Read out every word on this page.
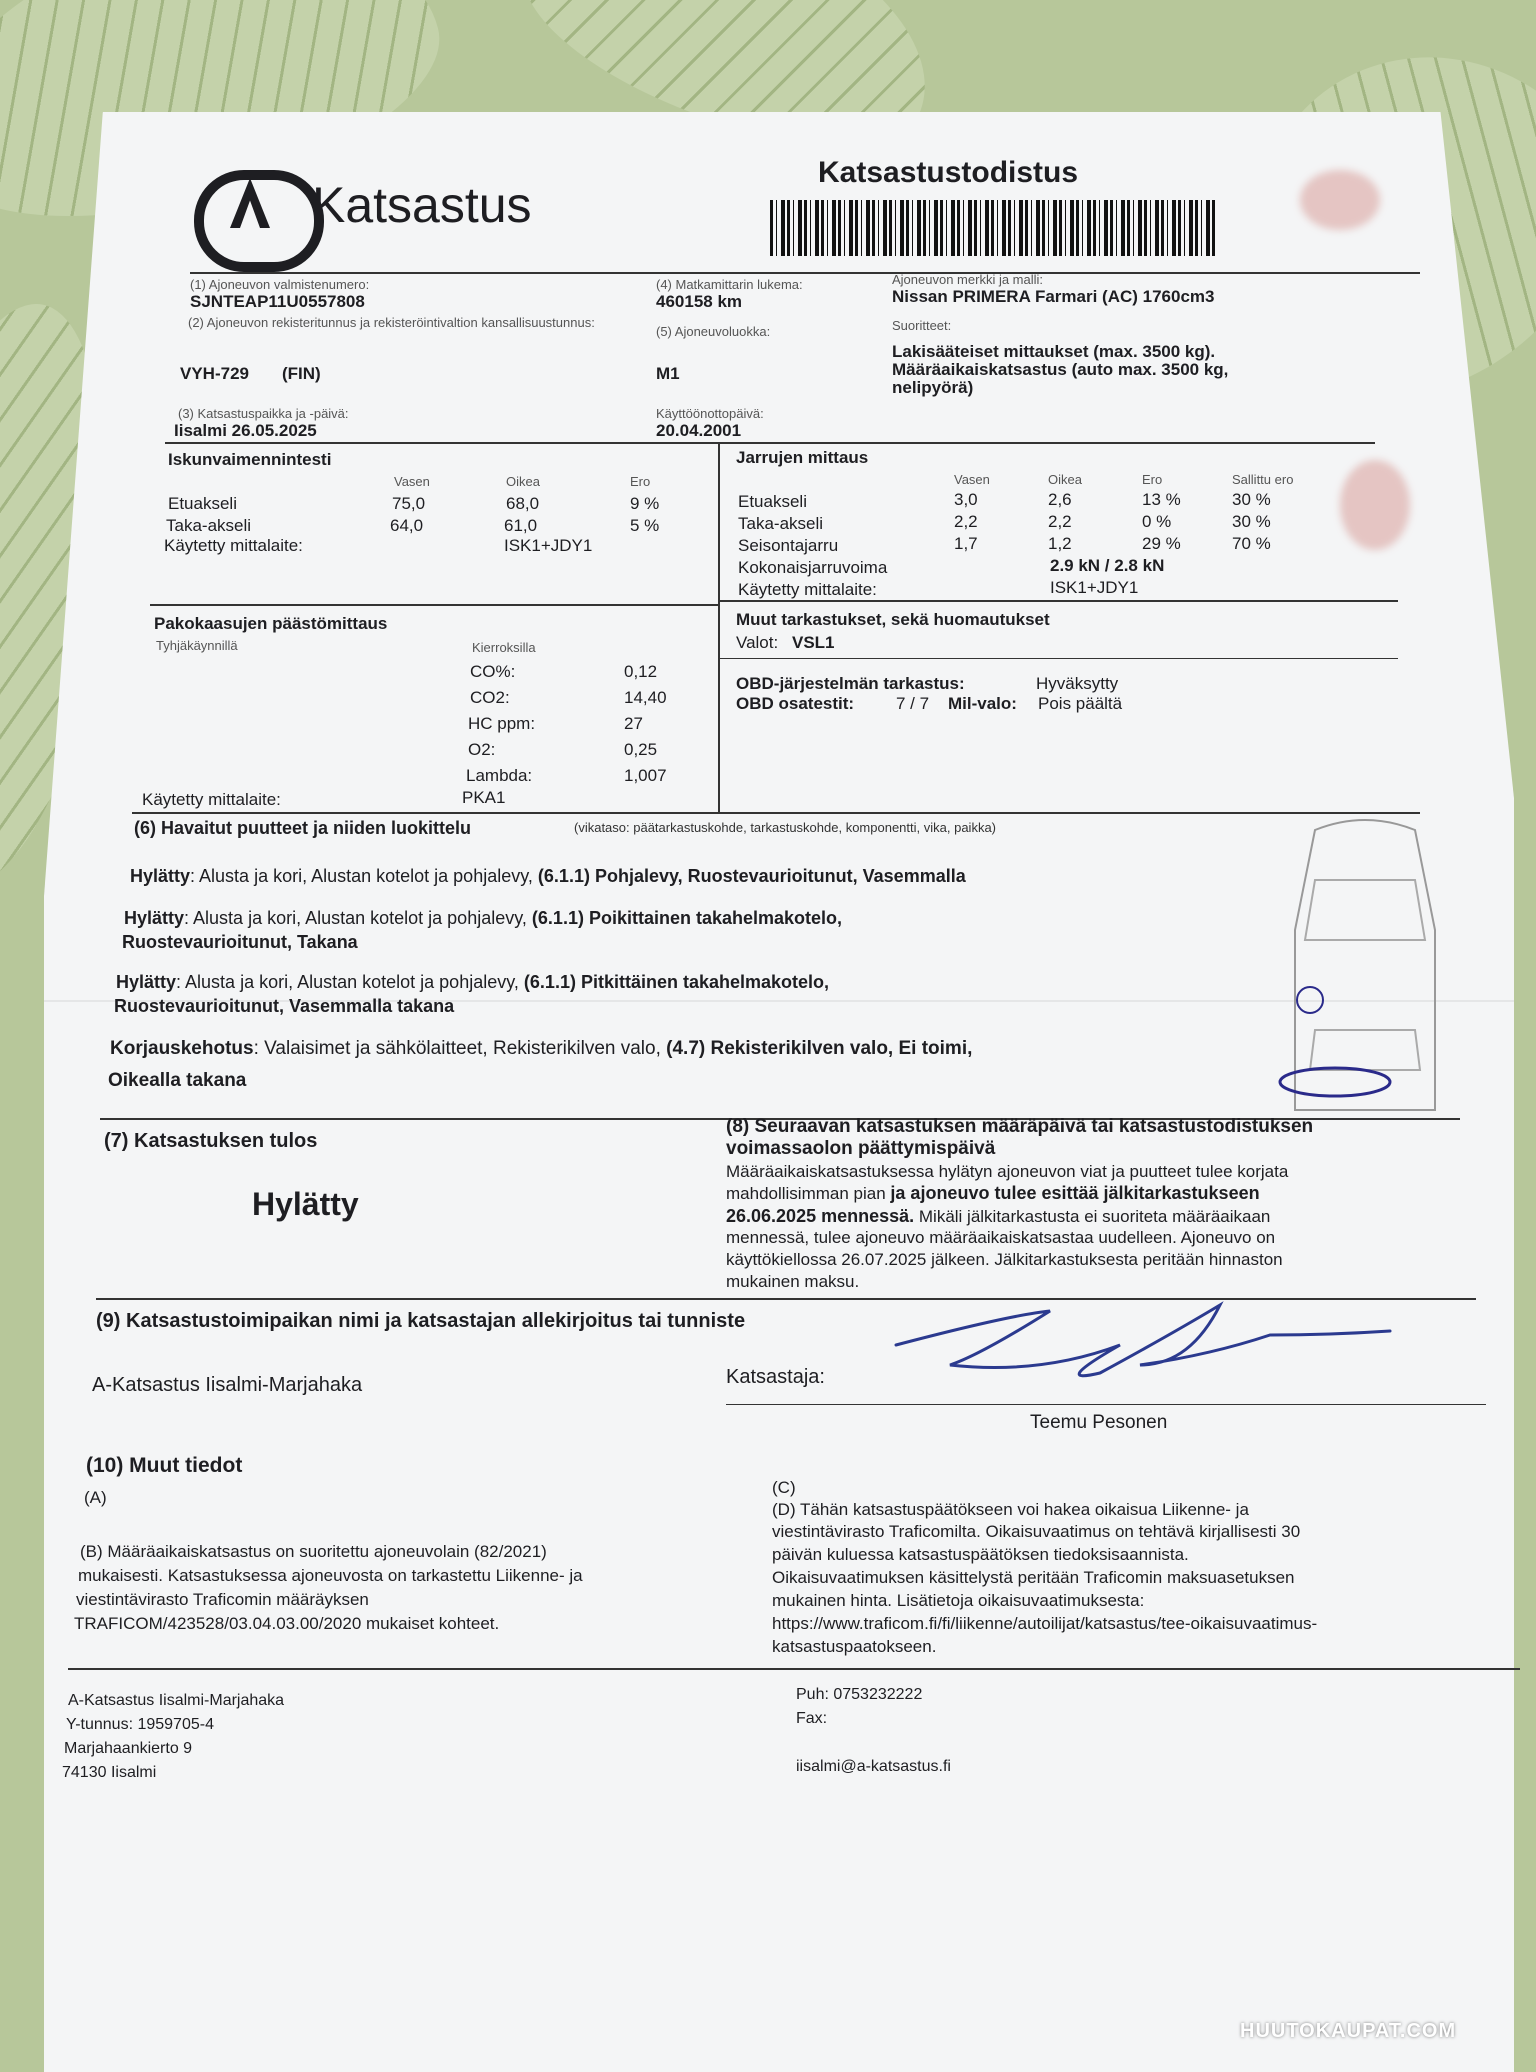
Katsastus
Katsastustodistus
(1) Ajoneuvon valmistenumero:
SJNTEAP11U0557808
(2) Ajoneuvon rekisteritunnus ja rekisteröintivaltion kansallisuustunnus:
VYH-729 (FIN)
(3) Katsastuspaikka ja -päivä:
Iisalmi 26.05.2025
(4) Matkamittarin lukema:
460158 km
(5) Ajoneuvoluokka:
M1
Käyttöönottopäivä:
20.04.2001
Ajoneuvon merkki ja malli:
Nissan PRIMERA Farmari (AC) 1760cm3
Suoritteet:
Lakisääteiset mittaukset (max. 3500 kg).
Määräaikaiskatsastus (auto max. 3500 kg,
nelipyörä)
Iskunvaimennintesti
Vasen	Oikea	Ero
Etuakseli	75,0	68,0	9 %
Taka-akseli	64,0	61,0	5 %
Käytetty mittalaite:	ISK1+JDY1
Jarrujen mittaus
Vasen	Oikea	Ero	Sallittu ero
Etuakseli	3,0	2,6	13 %	30 %
Taka-akseli	2,2	2,2	0 %	30 %
Seisontajarru	1,7	1,2	29 %	70 %
Kokonaisjarruvoima	2.9 kN / 2.8 kN
Käytetty mittalaite:	ISK1+JDY1
Pakokaasujen päästömittaus
Tyhjäkäynnillä	Kierroksilla
CO%:	0,12
CO2:	14,40
HC ppm:	27
O2:	0,25
Lambda:	1,007
Käytetty mittalaite:	PKA1
Muut tarkastukset, sekä huomautukset
Valot: VSL1
OBD-järjestelmän tarkastus:	Hyväksytty
OBD osatestit: 7 / 7 Mil-valo: Pois päältä
(6) Havaitut puutteet ja niiden luokittelu	(vikataso: päätarkastuskohde, tarkastuskohde, komponentti, vika, paikka)
Hylätty: Alusta ja kori, Alustan kotelot ja pohjalevy, (6.1.1) Pohjalevy, Ruostevaurioitunut, Vasemmalla
Hylätty: Alusta ja kori, Alustan kotelot ja pohjalevy, (6.1.1) Poikittainen takahelmakotelo,
Ruostevaurioitunut, Takana
Hylätty: Alusta ja kori, Alustan kotelot ja pohjalevy, (6.1.1) Pitkittäinen takahelmakotelo,
Ruostevaurioitunut, Vasemmalla takana
Korjauskehotus: Valaisimet ja sähkölaitteet, Rekisterikilven valo, (4.7) Rekisterikilven valo, Ei toimi,
Oikealla takana
(7) Katsastuksen tulos
Hylätty
(8) Seuraavan katsastuksen määräpäivä tai katsastustodistuksen
voimassaolon päättymispäivä
Määräaikaiskatsastuksessa hylätyn ajoneuvon viat ja puutteet tulee korjata
mahdollisimman pian ja ajoneuvo tulee esittää jälkitarkastukseen
26.06.2025 mennessä. Mikäli jälkitarkastusta ei suoriteta määräaikaan
mennessä, tulee ajoneuvo määräaikaiskatsastaa uudelleen. Ajoneuvo on
käyttökiellossa 26.07.2025 jälkeen. Jälkitarkastuksesta peritään hinnaston
mukainen maksu.
(9) Katsastustoimipaikan nimi ja katsastajan allekirjoitus tai tunniste
A-Katsastus Iisalmi-Marjahaka	Katsastaja:
Teemu Pesonen
(10) Muut tiedot
(A)
(B) Määräaikaiskatsastus on suoritettu ajoneuvolain (82/2021)
mukaisesti. Katsastuksessa ajoneuvosta on tarkastettu Liikenne- ja
viestintävirasto Traficomin määräyksen
TRAFICOM/423528/03.04.03.00/2020 mukaiset kohteet.
(C)
(D) Tähän katsastuspäätökseen voi hakea oikaisua Liikenne- ja
viestintävirasto Traficomilta. Oikaisuvaatimus on tehtävä kirjallisesti 30
päivän kuluessa katsastuspäätöksen tiedoksisaannista.
Oikaisuvaatimuksen käsittelystä peritään Traficomin maksuasetuksen
mukainen hinta. Lisätietoja oikaisuvaatimuksesta:
https://www.traficom.fi/fi/liikenne/autoilijat/katsastus/tee-oikaisuvaatimus-
katsastuspaatokseen.
A-Katsastus Iisalmi-Marjahaka
Y-tunnus: 1959705-4
Marjahaankierto 9
74130 Iisalmi
Puh: 0753232222
Fax:
iisalmi@a-katsastus.fi
HUUTOKAUPAT.COM
